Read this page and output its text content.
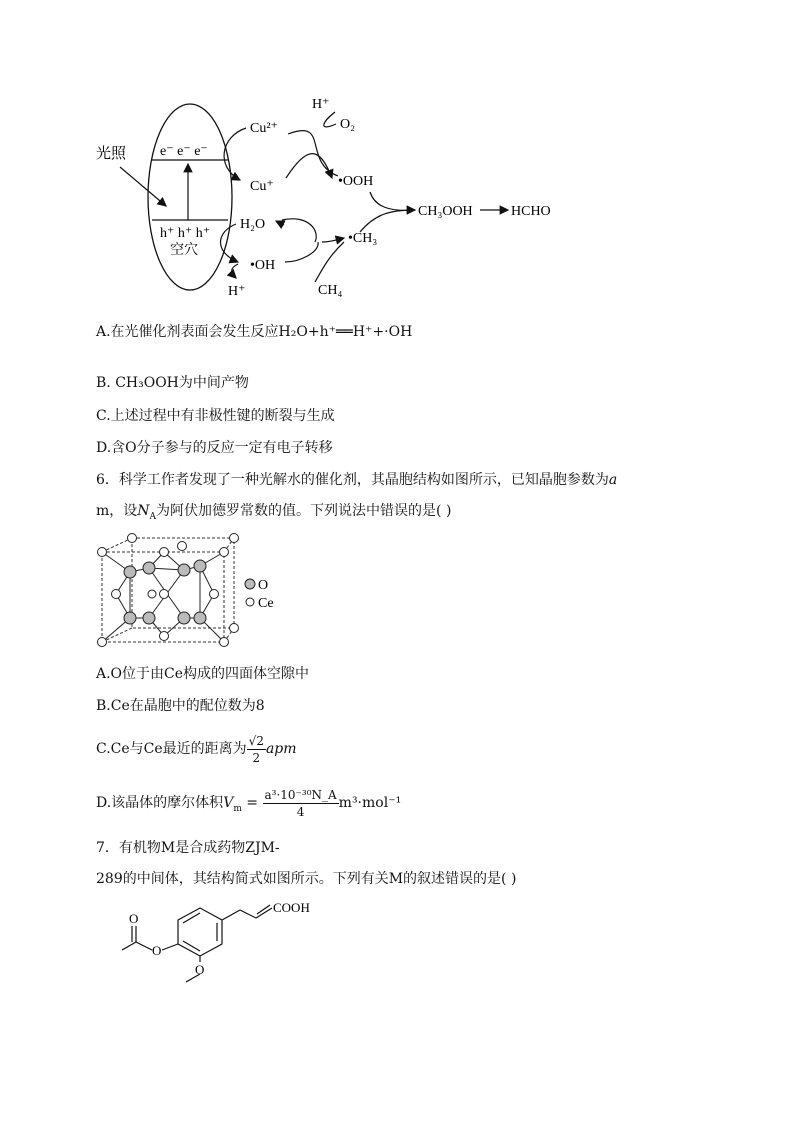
e⁻ e⁻ e⁻
h⁺ h⁺ h⁺
空穴
光照
Cu²⁺
Cu⁺
H⁺
O₂
•OOH
CH₃OOH	HCHO
H₂O
•OH
H⁺
•CH₃
CH₄
A.在光催化剂表面会发生反应H₂O+h⁺══H⁺+·OH
B. CH₃OOH为中间产物
C.上述过程中有非极性键的断裂与生成
D.含O分子参与的反应一定有电子转移
6．科学工作者发现了一种光解水的催化剂，其晶胞结构如图所示，已知晶胞参数为a
m，设$N_A$为阿伏加德罗常数的值。下列说法中错误的是( )
O
Ce
A.O位于由Ce构成的四面体空隙中
B.Ce在晶胞中的配位数为8
C.Ce与Ce最近的距离为 $\frac{√2}{2}$ apm
D.该晶体的摩尔体积$V_m = \frac{\text{a³·10⁻³⁰N\_A}}{4} m^3\cdot mol^{-1}$
7．有机物M是合成药物ZJM-
289的中间体，其结构简式如图所示。下列有关M的叙述错误的是( )
O
O
O
COOH
